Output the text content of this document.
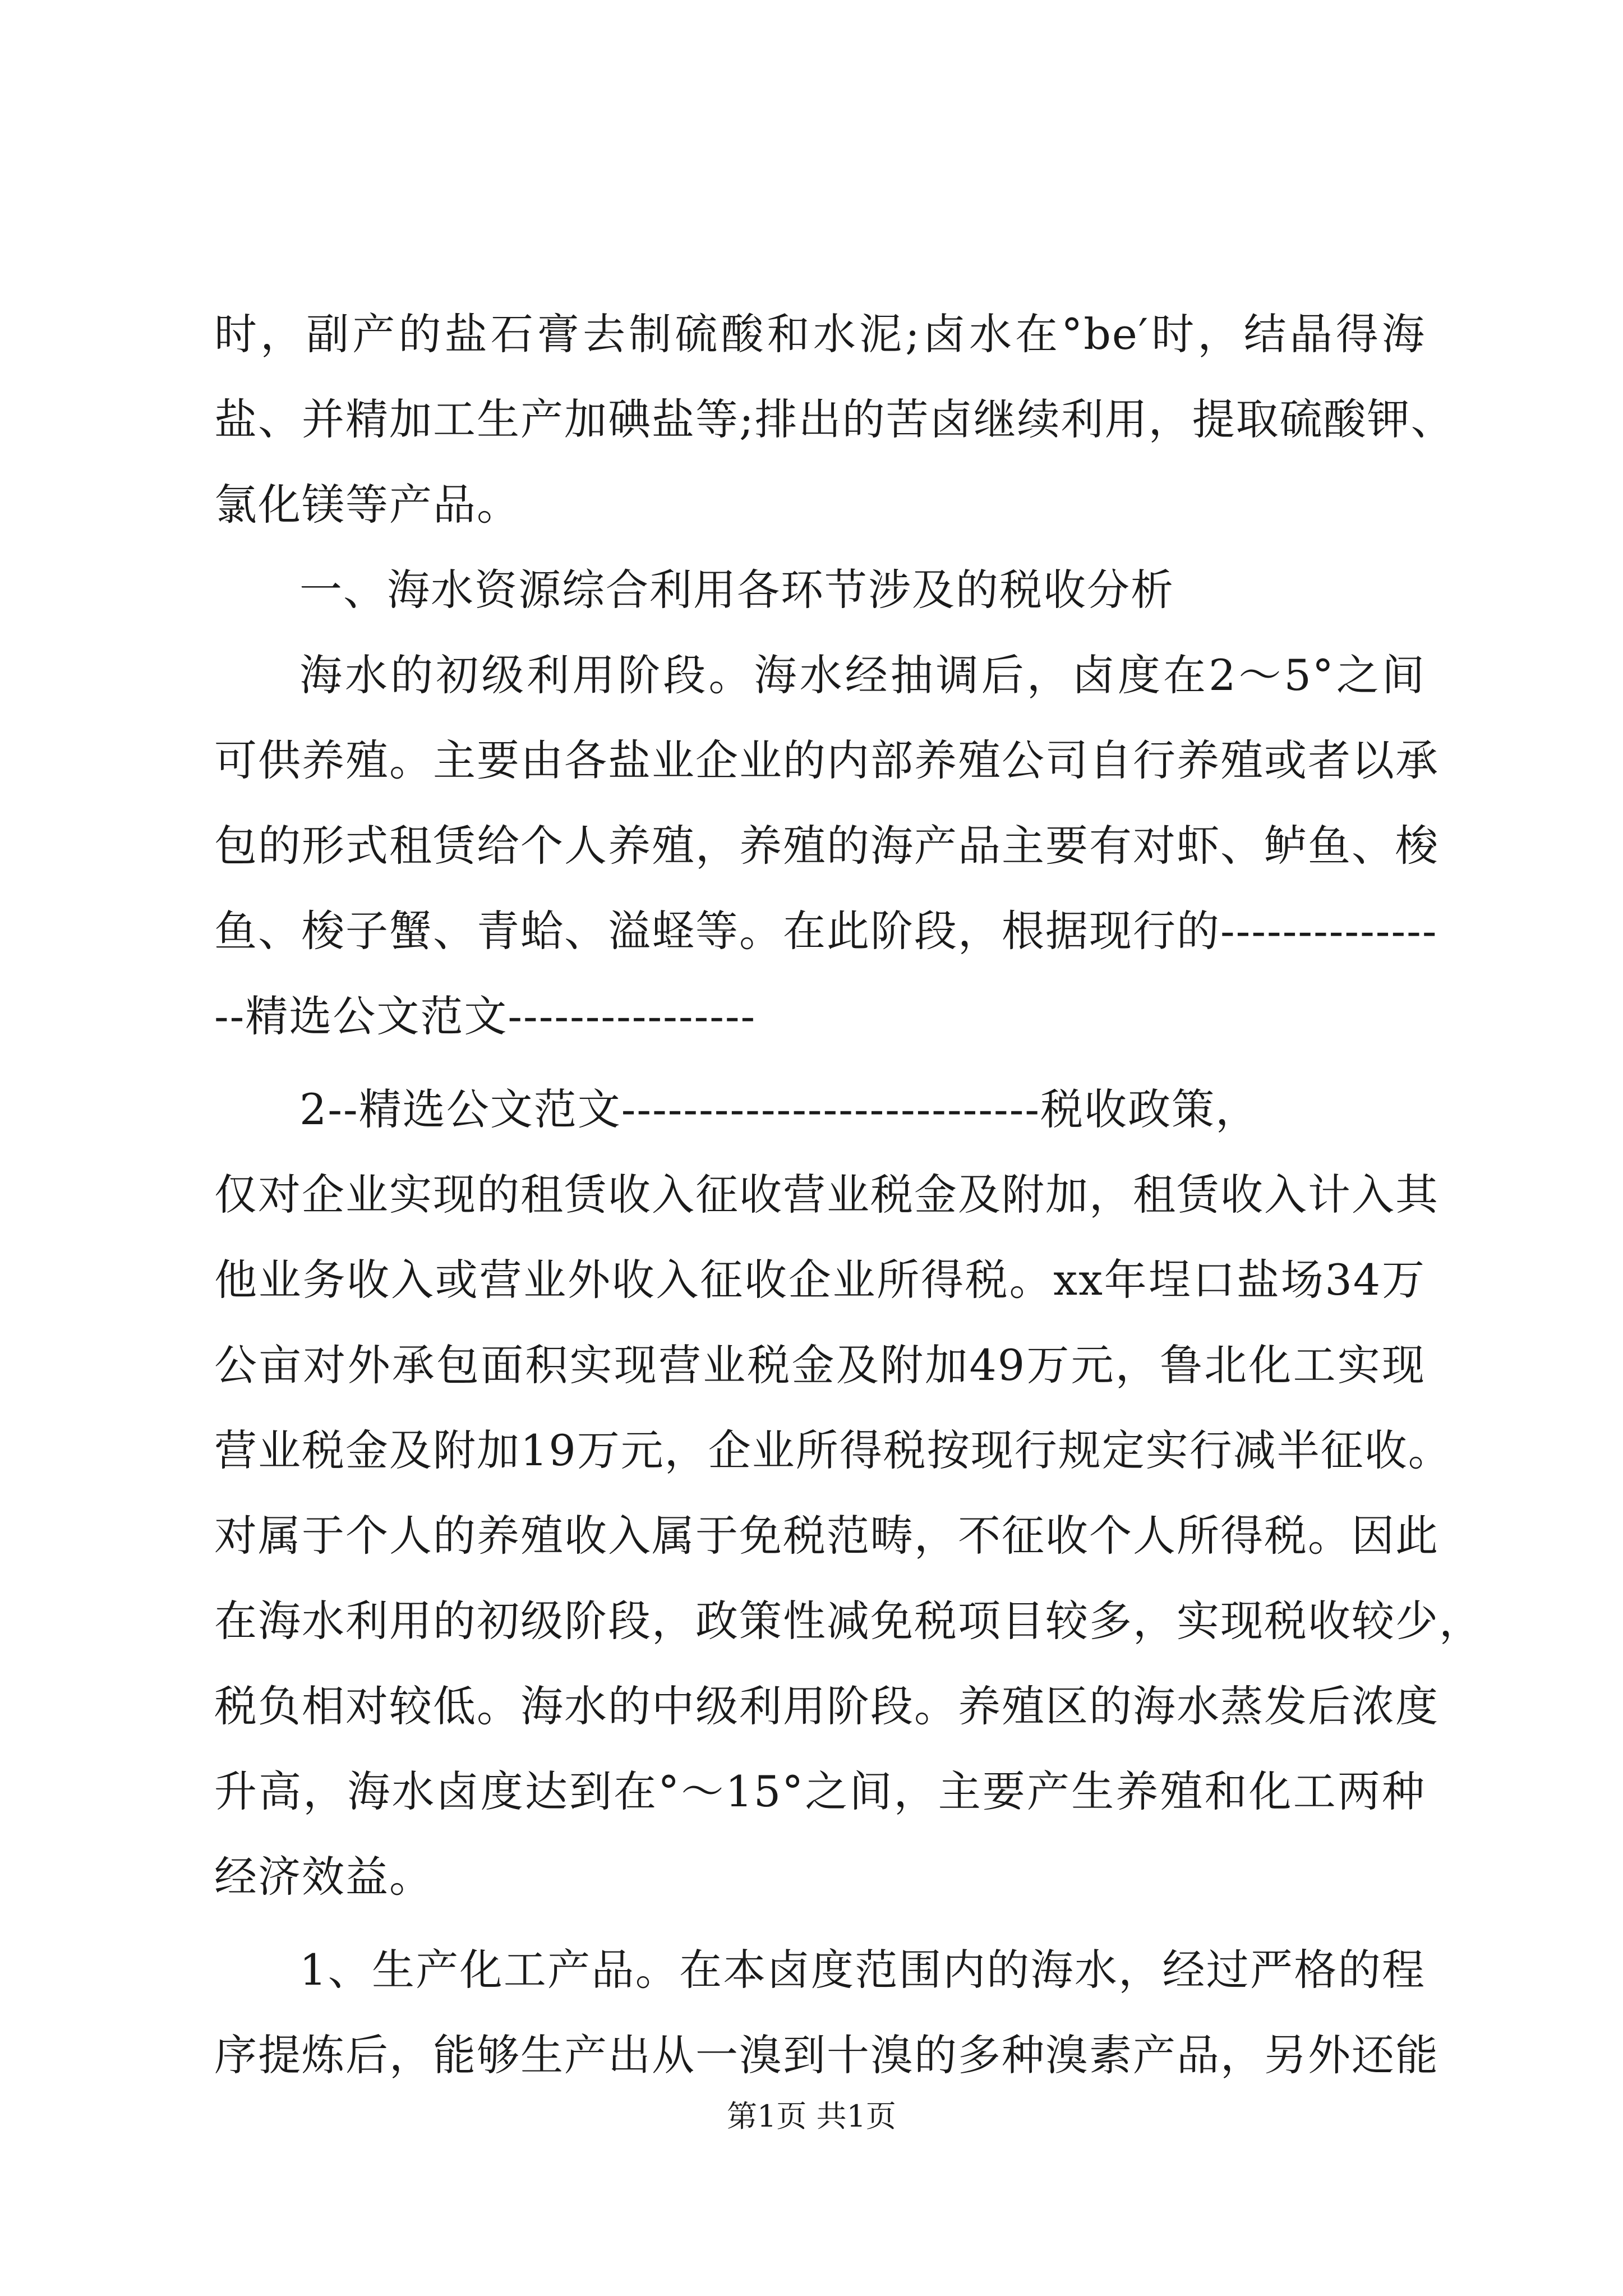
时，副产的盐石膏去制硫酸和水泥;卤水在°be′时，结晶得海
盐、并精加工生产加碘盐等;排出的苦卤继续利用，提取硫酸钾、
氯化镁等产品。
一、海水资源综合利用各环节涉及的税收分析
海水的初级利用阶段。海水经抽调后，卤度在2～5°之间
可供养殖。主要由各盐业企业的内部养殖公司自行养殖或者以承
包的形式租赁给个人养殖，养殖的海产品主要有对虾、鲈鱼、梭
鱼、梭子蟹、青蛤、溢蛏等。在此阶段，根据现行的--------------
--精选公文范文----------------
2--精选公文范文---------------------------税收政策，
仅对企业实现的租赁收入征收营业税金及附加，租赁收入计入其
他业务收入或营业外收入征收企业所得税。xx年埕口盐场34万
公亩对外承包面积实现营业税金及附加49万元，鲁北化工实现
营业税金及附加19万元，企业所得税按现行规定实行减半征收。
对属于个人的养殖收入属于免税范畴，不征收个人所得税。因此
在海水利用的初级阶段，政策性减免税项目较多，实现税收较少，
税负相对较低。海水的中级利用阶段。养殖区的海水蒸发后浓度
升高，海水卤度达到在°～15°之间，主要产生养殖和化工两种
经济效益。
1、生产化工产品。在本卤度范围内的海水，经过严格的程
序提炼后，能够生产出从一溴到十溴的多种溴素产品，另外还能
第1页 共1页
